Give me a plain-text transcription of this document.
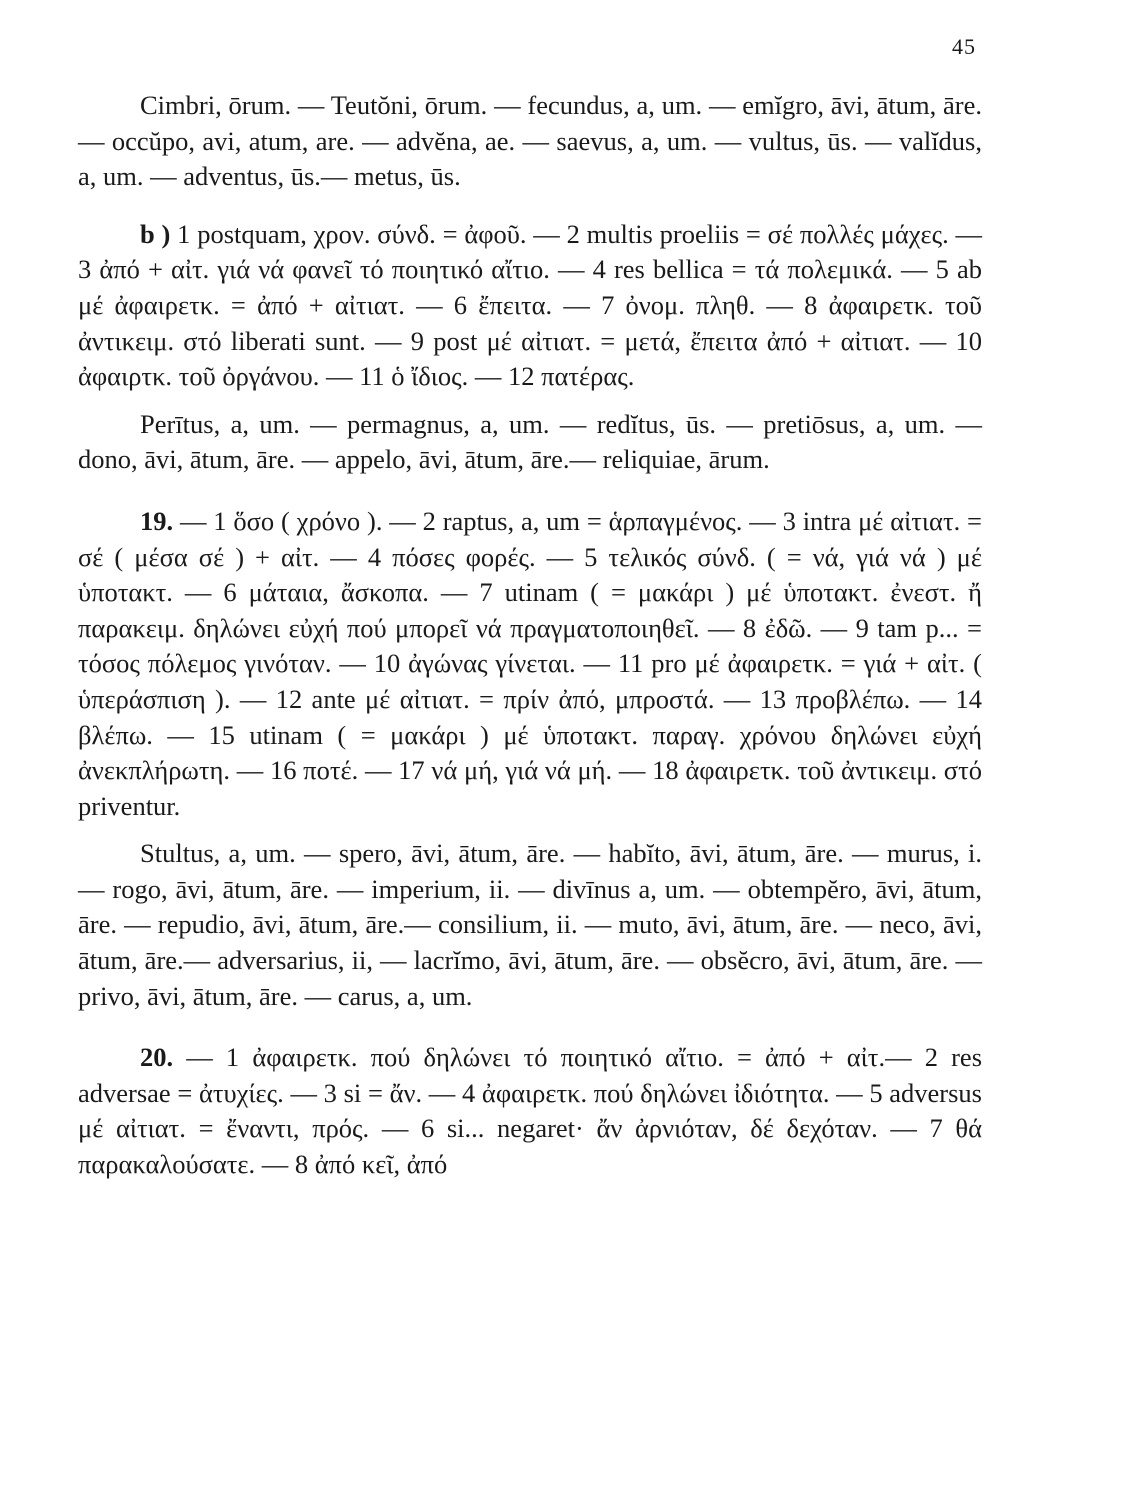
45

Cimbri, ōrum. — Teutŏni, ōrum. — fecundus, a, um. — emĭgro, āvi, ātum, āre. — occŭpo, avi, atum, are. — advĕna, ae. — saevus, a, um. — vultus, ūs. — valĭdus, a, um. — adventus, ūs.— metus, ūs.

b ) 1 postquam, χρον. σύνδ. = ἀφοῦ. — 2 multis proeliis = σέ πολλές μάχες. — 3 ἀπό + αἰτ. γιά νά φανεῖ τό ποιητικό αἴτιο. — 4 res bellica = τά πολεμικά. — 5 ab μέ ἀφαιρετκ. = ἀπό + αἰτιατ. — 6 ἔπειτα. — 7 ὀνομ. πληθ. — 8 ἀφαιρετκ. τοῦ ἀντικειμ. στό liberati sunt. — 9 post μέ αἰτιατ. = μετά, ἔπειτα ἀπό + αἰτιατ. — 10 ἀφαιρτκ. τοῦ ὀργάνου. — 11 ὁ ἴδιος. — 12 πατέρας.

Perītus, a, um. — permagnus, a, um. — redĭtus, ūs. — pretiōsus, a, um. — dono, āvi, ātum, āre. — appelo, āvi, ātum, āre.— reliquiae, ārum.

19. — 1 ὅσο ( χρόνο ). — 2 raptus, a, um = ἁρπαγμένος. — 3 intra μέ αἰτιατ. = σέ ( μέσα σέ ) + αἰτ. — 4 πόσες φορές. — 5 τελικός σύνδ. ( = νά, γιά νά ) μέ ὑποτακτ. — 6 μάταια, ἄσκοπα. — 7 utinam ( = μακάρι ) μέ ὑποτακτ. ἐνεστ. ἤ παρακειμ. δηλώνει εὐχή πού μπορεῖ νά πραγματοποιηθεῖ. — 8 ἐδῶ. — 9 tam p... = τόσος πόλεμος γινόταν. — 10 ἀγώνας γίνεται. — 11 pro μέ ἀφαιρετκ. = γιά + αἰτ. ( ὑπεράσπιση ). — 12 ante μέ αἰτιατ. = πρίν ἀπό, μπροστά. — 13 προβλέπω. — 14 βλέπω. — 15 utinam ( = μακάρι ) μέ ὑποτακτ. παραγ. χρόνου δηλώνει εὐχή ἀνεκπλήρωτη. — 16 ποτέ. — 17 νά μή, γιά νά μή. — 18 ἀφαιρετκ. τοῦ ἀντικειμ. στό priventur.

Stultus, a, um. — spero, āvi, ātum, āre. — habĭto, āvi, ātum, āre. — murus, i. — rogo, āvi, ātum, āre. — imperium, ii. — divīnus a, um. — obtempĕro, āvi, ātum, āre. — repudio, āvi, ātum, āre.— consilium, ii. — muto, āvi, ātum, āre. — neco, āvi, ātum, āre.— adversarius, ii, — lacrĭmo, āvi, ātum, āre. — obsĕcro, āvi, ātum, āre. — privo, āvi, ātum, āre. — carus, a, um.

20. — 1 ἀφαιρετκ. πού δηλώνει τό ποιητικό αἴτιο. = ἀπό + αἰτ.— 2 res adversae = ἀτυχίες. — 3 si = ἄν. — 4 ἀφαιρετκ. πού δηλώνει ἰδιότητα. — 5 adversus μέ αἰτιατ. = ἔναντι, πρός. — 6 si... negaret· ἄν ἀρνιόταν, δέ δεχόταν. — 7 θά παρακαλούσατε. — 8 ἀπό κεῖ, ἀπό
